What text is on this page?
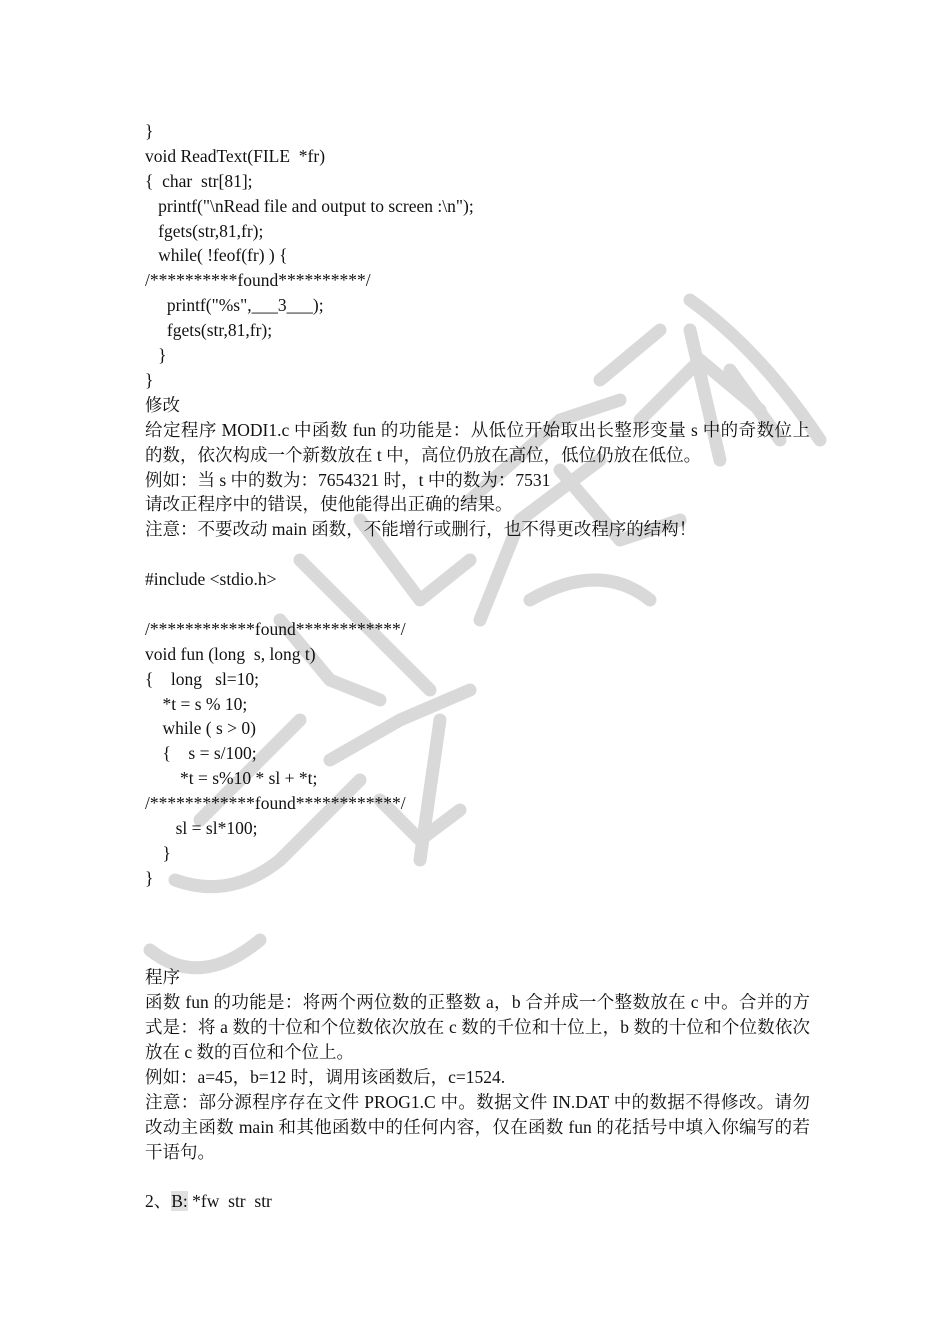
}
void ReadText(FILE  *fr)
{  char  str[81];
printf("\nRead file and output to screen :\n");
fgets(str,81,fr);
while( !feof(fr) ) {
/**********found**********/
printf("%s",___3___);
fgets(str,81,fr);
}
}
修改
给定程序 MODI1.c 中函数 fun 的功能是：从低位开始取出长整形变量 s 中的奇数位上的数，依次构成一个新数放在 t 中，高位仍放在高位，低位仍放在低位。
例如：当 s 中的数为：7654321 时，t 中的数为：7531
请改正程序中的错误，使他能得出正确的结果。
注意：不要改动 main 函数，不能增行或删行，也不得更改程序的结构！
#include <stdio.h>
/************found************/
void fun (long  s, long t)
{    long   sl=10;
*t = s % 10;
while ( s > 0)
{    s = s/100;
*t = s%10 * sl + *t;
/************found************/
sl = sl*100;
}
}
程序
函数 fun 的功能是：将两个两位数的正整数 a，b 合并成一个整数放在 c 中。合并的方式是：将 a 数的十位和个位数依次放在 c 数的千位和十位上，b 数的十位和个位数依次放在 c 数的百位和个位上。
例如：a=45，b=12 时，调用该函数后，c=1524.
注意：部分源程序存在文件 PROG1.C 中。数据文件 IN.DAT 中的数据不得修改。请勿改动主函数 main 和其他函数中的任何内容，仅在函数 fun 的花括号中填入你编写的若干语句。
2、B: *fw  str  str
